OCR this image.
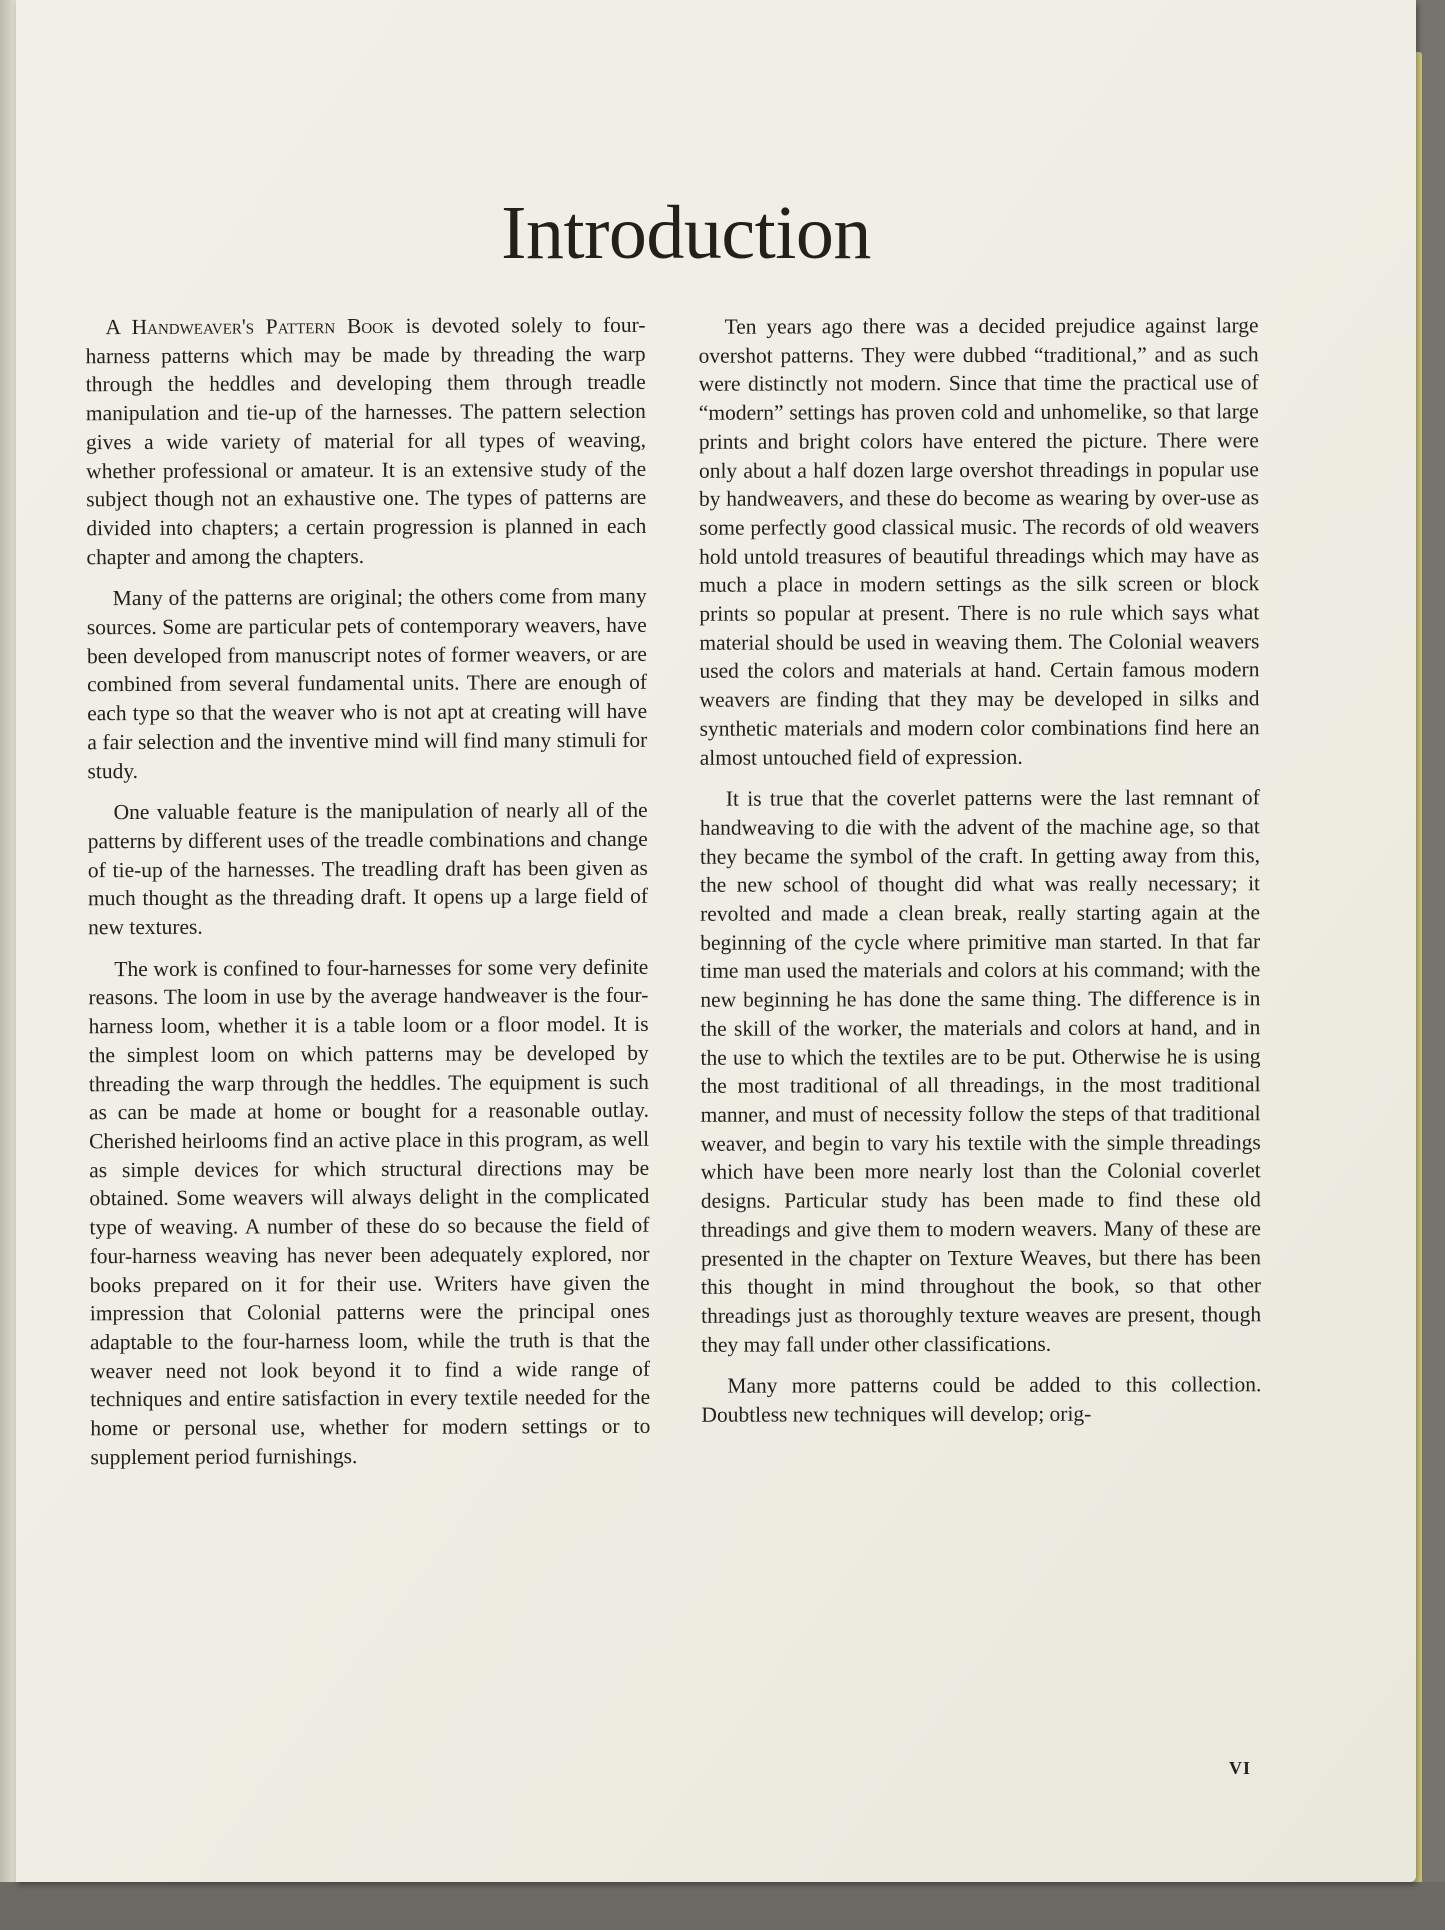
Introduction

A Handweaver's Pattern Book is devoted solely to four-harness patterns which may be made by threading the warp through the heddles and developing them through treadle manipulation and tie-up of the harnesses. The pattern selection gives a wide variety of material for all types of weaving, whether professional or amateur. It is an extensive study of the subject though not an exhaustive one. The types of patterns are divided into chapters; a certain progression is planned in each chapter and among the chapters.

Many of the patterns are original; the others come from many sources. Some are particular pets of contemporary weavers, have been developed from manuscript notes of former weavers, or are combined from several fundamental units. There are enough of each type so that the weaver who is not apt at creating will have a fair selection and the inventive mind will find many stimuli for study.

One valuable feature is the manipulation of nearly all of the patterns by different uses of the treadle combinations and change of tie-up of the harnesses. The treadling draft has been given as much thought as the threading draft. It opens up a large field of new textures.

The work is confined to four-harnesses for some very definite reasons. The loom in use by the average handweaver is the four-harness loom, whether it is a table loom or a floor model. It is the simplest loom on which patterns may be developed by threading the warp through the heddles. The equipment is such as can be made at home or bought for a reasonable outlay. Cherished heirlooms find an active place in this program, as well as simple devices for which structural directions may be obtained. Some weavers will always delight in the complicated type of weaving. A number of these do so because the field of four-harness weaving has never been adequately explored, nor books prepared on it for their use. Writers have given the impression that Colonial patterns were the principal ones adaptable to the four-harness loom, while the truth is that the weaver need not look beyond it to find a wide range of techniques and entire satisfaction in every textile needed for the home or personal use, whether for modern settings or to supplement period furnishings.

Ten years ago there was a decided prejudice against large overshot patterns. They were dubbed “traditional,” and as such were distinctly not modern. Since that time the practical use of “modern” settings has proven cold and unhomelike, so that large prints and bright colors have entered the picture. There were only about a half dozen large overshot threadings in popular use by handweavers, and these do become as wearing by over-use as some perfectly good classical music. The records of old weavers hold untold treasures of beautiful threadings which may have as much a place in modern settings as the silk screen or block prints so popular at present. There is no rule which says what material should be used in weaving them. The Colonial weavers used the colors and materials at hand. Certain famous modern weavers are finding that they may be developed in silks and synthetic materials and modern color combinations find here an almost untouched field of expression.

It is true that the coverlet patterns were the last remnant of handweaving to die with the advent of the machine age, so that they became the symbol of the craft. In getting away from this, the new school of thought did what was really necessary; it revolted and made a clean break, really starting again at the beginning of the cycle where primitive man started. In that far time man used the materials and colors at his command; with the new beginning he has done the same thing. The difference is in the skill of the worker, the materials and colors at hand, and in the use to which the textiles are to be put. Otherwise he is using the most traditional of all threadings, in the most traditional manner, and must of necessity follow the steps of that traditional weaver, and begin to vary his textile with the simple threadings which have been more nearly lost than the Colonial coverlet designs. Particular study has been made to find these old threadings and give them to modern weavers. Many of these are presented in the chapter on Texture Weaves, but there has been this thought in mind throughout the book, so that other threadings just as thoroughly texture weaves are present, though they may fall under other classifications.

Many more patterns could be added to this collection. Doubtless new techniques will develop; orig-

VI
